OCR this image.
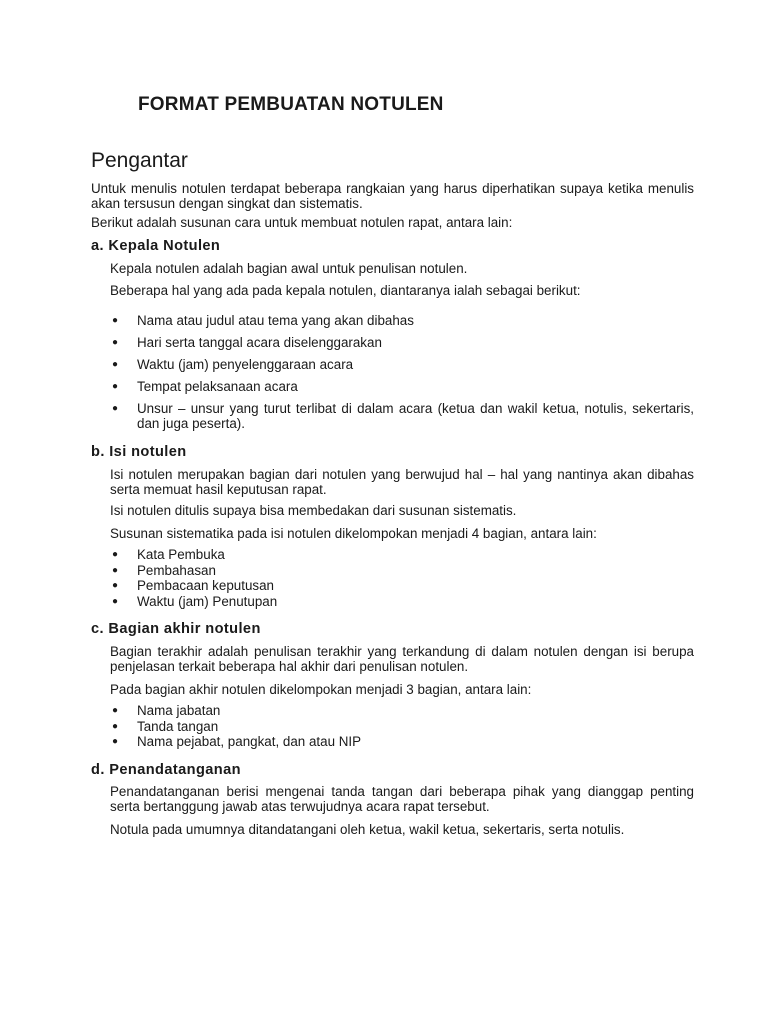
FORMAT PEMBUATAN NOTULEN
Pengantar

Untuk menulis notulen terdapat beberapa rangkaian yang harus diperhatikan supaya ketika menulis akan tersusun dengan singkat dan sistematis.

Berikut adalah susunan cara untuk membuat notulen rapat, antara lain:

a. Kepala Notulen

Kepala notulen adalah bagian awal untuk penulisan notulen.

Beberapa hal yang ada pada kepala notulen, diantaranya ialah sebagai berikut:

● Nama atau judul atau tema yang akan dibahas
● Hari serta tanggal acara diselenggarakan
● Waktu (jam) penyelenggaraan acara
● Tempat pelaksanaan acara
● Unsur – unsur yang turut terlibat di dalam acara (ketua dan wakil ketua, notulis, sekertaris, dan juga peserta).
b. Isi notulen

Isi notulen merupakan bagian dari notulen yang berwujud hal – hal yang nantinya akan dibahas serta memuat hasil keputusan rapat.

Isi notulen ditulis supaya bisa membedakan dari susunan sistematis.

Susunan sistematika pada isi notulen dikelompokan menjadi 4 bagian, antara lain:

● Kata Pembuka
● Pembahasan
● Pembacaan keputusan
● Waktu (jam) Penutupan
c. Bagian akhir notulen

Bagian terakhir adalah penulisan terakhir yang terkandung di dalam notulen dengan isi berupa penjelasan terkait beberapa hal akhir dari penulisan notulen.

Pada bagian akhir notulen dikelompokan menjadi 3 bagian, antara lain:

● Nama jabatan
● Tanda tangan
● Nama pejabat, pangkat, dan atau NIP
d. Penandatanganan

Penandatanganan berisi mengenai tanda tangan dari beberapa pihak yang dianggap penting serta bertanggung jawab atas terwujudnya acara rapat tersebut.

Notula pada umumnya ditandatangani oleh ketua, wakil ketua, sekertaris, serta notulis.
